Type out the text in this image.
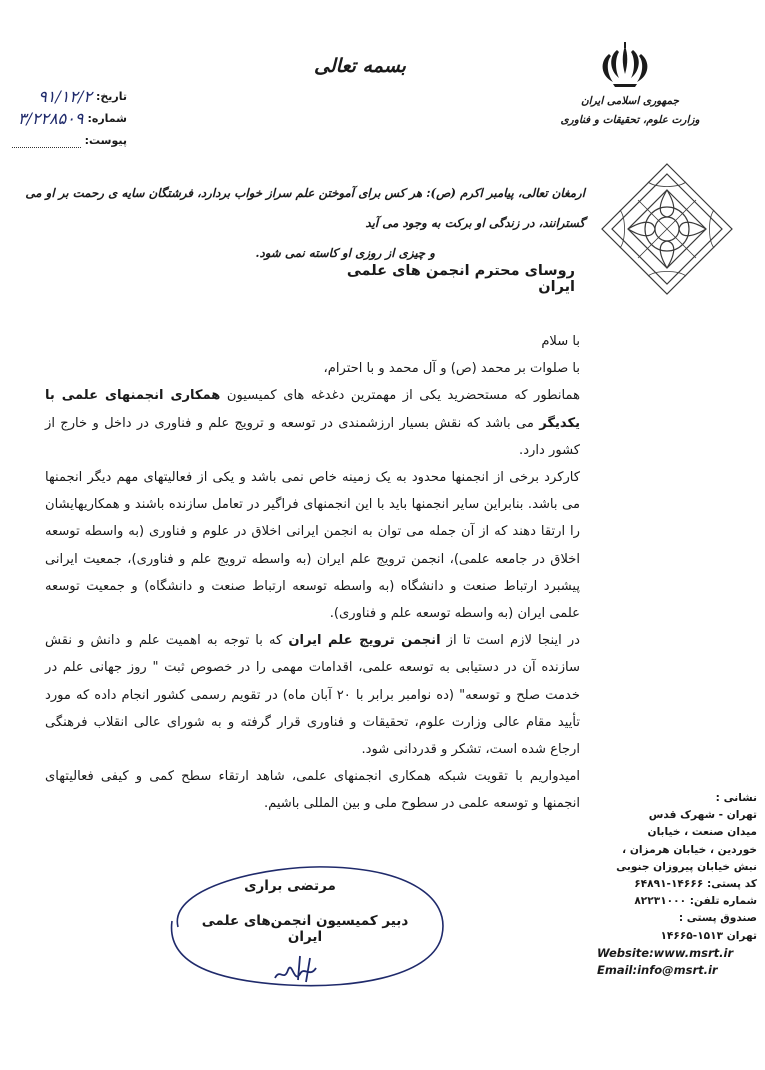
بسمه تعالی
جمهوری اسلامی ایران
وزارت علوم، تحقیقات و فناوری
تاریخ:
۹۱/۱۲/۲
شماره:
۳/۲۲۸۵۰۹
پیوست:
ارمغان تعالی، پیامبر اکرم (ص): هر کس برای آموختن علم سراز خواب بردارد، فرشتگان سایه ی رحمت بر او می گسترانند، در زندگی او برکت به وجود می آید
و چیزی از روزی او کاسته نمی شود.
روسای محترم انجمن های علمی ایران

با سلام

با صلوات بر محمد (ص) و آل محمد و با احترام،

همانطور که مستحضرید یکی از مهمترین دغدغه های کمیسیون همکاری انجمنهای علمی با یکدیگر می باشد که نقش بسیار ارزشمندی در توسعه و ترویج علم و فناوری در داخل و خارج از کشور دارد.

کارکرد برخی از انجمنها محدود به یک زمینه خاص نمی باشد و یکی از فعالیتهای مهم دیگر انجمنها می باشد. بنابراین سایر انجمنها باید با این انجمنهای فراگیر در تعامل سازنده باشند و همکاریهایشان را ارتقا دهند که از آن جمله می توان به انجمن ایرانی اخلاق در علوم و فناوری (به واسطه توسعه اخلاق در جامعه علمی)، انجمن ترویج علم ایران (به واسطه ترویج علم و فناوری)، جمعیت ایرانی پیشبرد ارتباط صنعت و دانشگاه (به واسطه توسعه ارتباط صنعت و دانشگاه) و جمعیت توسعه علمی ایران (به واسطه توسعه علم و فناوری).

در اینجا لازم است تا از انجمن ترویج علم ایران که با توجه به اهمیت علم و دانش و نقش سازنده آن در دستیابی به توسعه علمی، اقدامات مهمی را در خصوص ثبت " روز جهانی علم در خدمت صلح و توسعه" (ده نوامبر برابر با ۲۰ آبان ماه) در تقویم رسمی کشور انجام داده که مورد تأیید مقام عالی وزارت علوم، تحقیقات و فناوری قرار گرفته و به شورای عالی انقلاب فرهنگی ارجاع شده است، تشکر و قدردانی شود.

امیدواریم با تقویت شبکه همکاری انجمنهای علمی، شاهد ارتقاء سطح کمی و کیفی فعالیتهای انجمنها و توسعه علمی در سطوح ملی و بین المللی باشیم.

مرتضی براری
دبیر کمیسیون انجمن‌های علمی ایران
نشانی :
تهران - شهرک قدس
میدان صنعت ، خیابان
خوردین ، خیابان هرمزان ،
نبش خیابان پیروزان جنوبی
کد پستی: ۱۴۶۶۶-۶۴۸۹۱
شماره تلفن: ۸۲۲۳۱۰۰۰
صندوق پستی :
تهران ۱۵۱۳-۱۴۶۶۵
Website:www.msrt.ir
Email:info@msrt.ir
